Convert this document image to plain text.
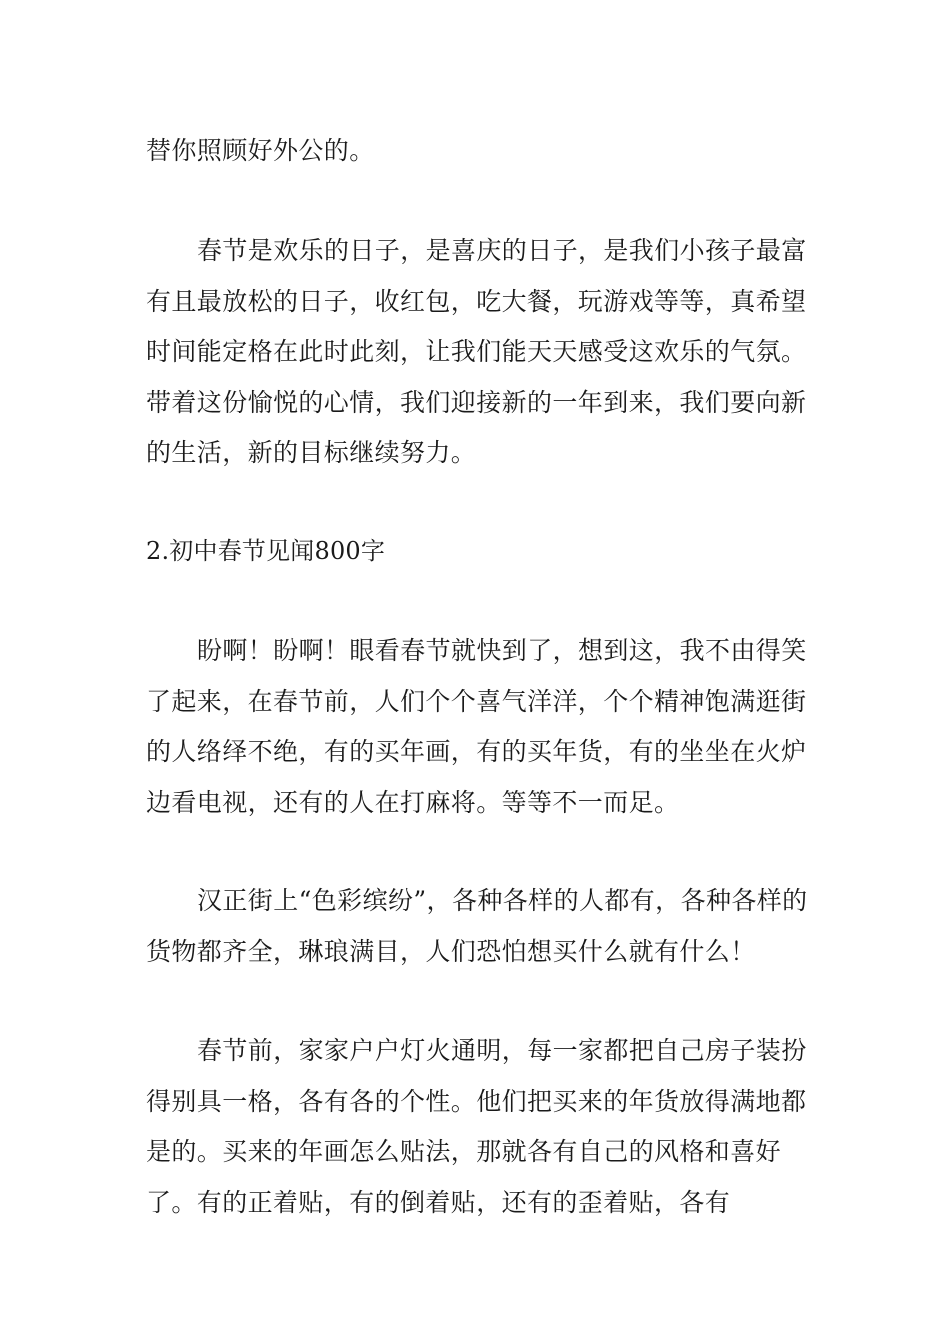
替你照顾好外公的。

春节是欢乐的日子，是喜庆的日子，是我们小孩子最富有且最放松的日子，收红包，吃大餐，玩游戏等等，真希望时间能定格在此时此刻，让我们能天天感受这欢乐的气氛。带着这份愉悦的心情，我们迎接新的一年到来，我们要向新的生活，新的目标继续努力。

2.初中春节见闻800字

盼啊！盼啊！眼看春节就快到了，想到这，我不由得笑了起来，在春节前，人们个个喜气洋洋，个个精神饱满逛街的人络绎不绝，有的买年画，有的买年货，有的坐坐在火炉边看电视，还有的人在打麻将。等等不一而足。

汉正街上“色彩缤纷”，各种各样的人都有，各种各样的货物都齐全，琳琅满目，人们恐怕想买什么就有什么！

春节前，家家户户灯火通明，每一家都把自己房子装扮得别具一格，各有各的个性。他们把买来的年货放得满地都是的。买来的年画怎么贴法，那就各有自己的风格和喜好了。有的正着贴，有的倒着贴，还有的歪着贴，各有
